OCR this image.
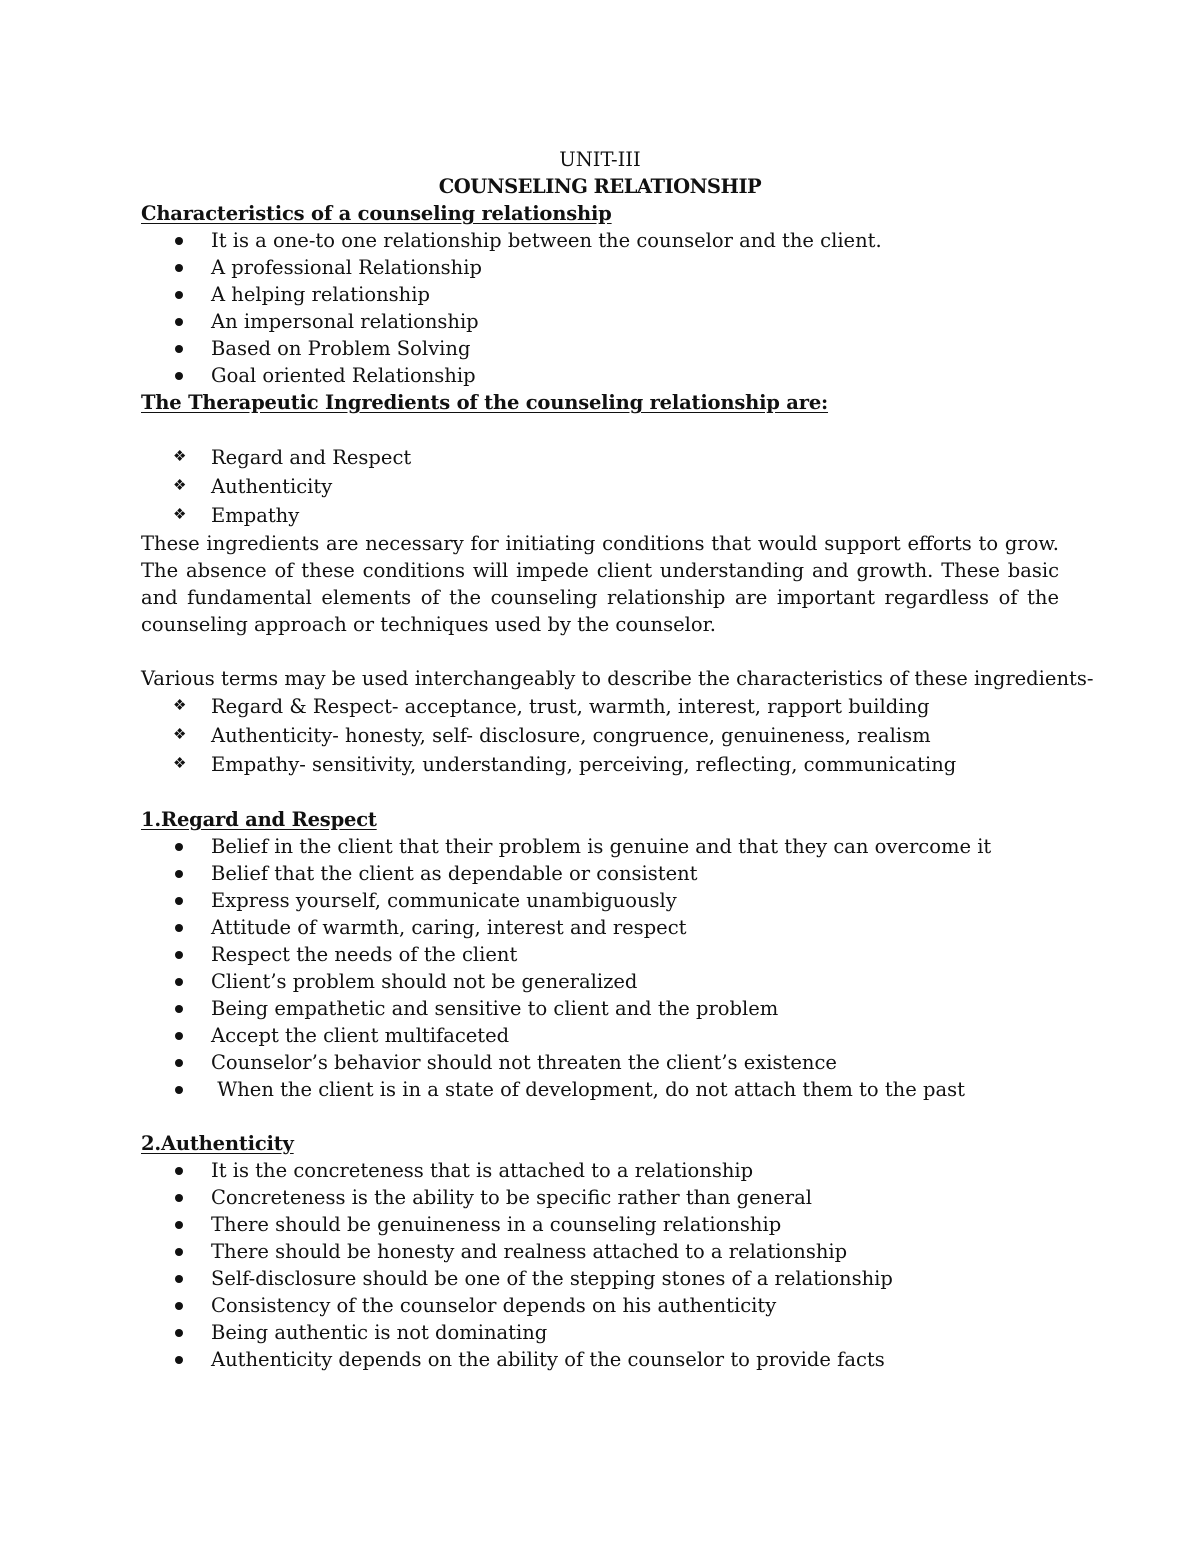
UNIT-III
COUNSELING RELATIONSHIP
Characteristics of a counseling relationship
It is a one-to one relationship between the counselor and the client.
A professional Relationship
A helping relationship
An impersonal relationship
Based on Problem Solving
Goal oriented Relationship
The Therapeutic Ingredients of the counseling relationship are:
❖ Regard and Respect
❖ Authenticity
❖ Empathy

These ingredients are necessary for initiating conditions that would support efforts to grow. The absence of these conditions will impede client understanding and growth. These basic and fundamental elements of the counseling relationship are important regardless of the counseling approach or techniques used by the counselor.

Various terms may be used interchangeably to describe the characteristics of these ingredients-
❖ Regard & Respect- acceptance, trust, warmth, interest, rapport building
❖ Authenticity- honesty, self- disclosure, congruence, genuineness, realism
❖ Empathy- sensitivity, understanding, perceiving, reflecting, communicating
1.Regard and Respect
Belief in the client that their problem is genuine and that they can overcome it
Belief that the client as dependable or consistent
Express yourself, communicate unambiguously
Attitude of warmth, caring, interest and respect
Respect the needs of the client
Client’s problem should not be generalized
Being empathetic and sensitive to client and the problem
Accept the client multifaceted
Counselor’s behavior should not threaten the client’s existence
When the client is in a state of development, do not attach them to the past
2.Authenticity
It is the concreteness that is attached to a relationship
Concreteness is the ability to be specific rather than general
There should be genuineness in a counseling relationship
There should be honesty and realness attached to a relationship
Self-disclosure should be one of the stepping stones of a relationship
Consistency of the counselor depends on his authenticity
Being authentic is not dominating
Authenticity depends on the ability of the counselor to provide facts
